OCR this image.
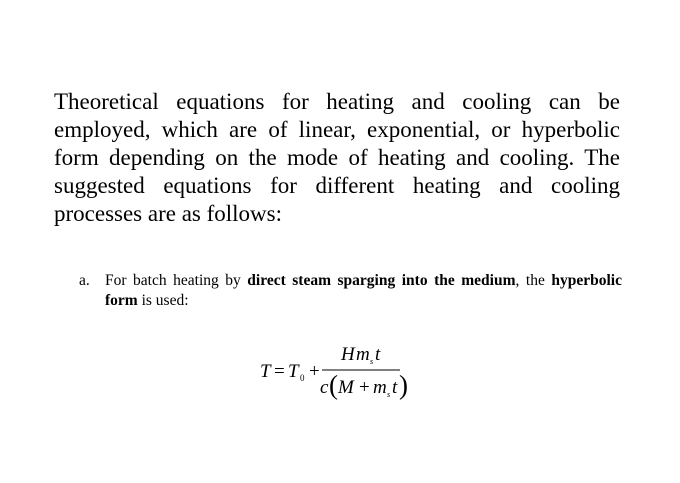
Theoretical equations for heating and cooling can be employed, which are of linear, exponential, or hyperbolic form depending on the mode of heating and cooling. The suggested equations for different heating and cooling processes are as follows:

a. For batch heating by direct steam sparging into the medium, the hyperbolic form is used:

T = T 0 +
H m s t
c ( M + m s t )
